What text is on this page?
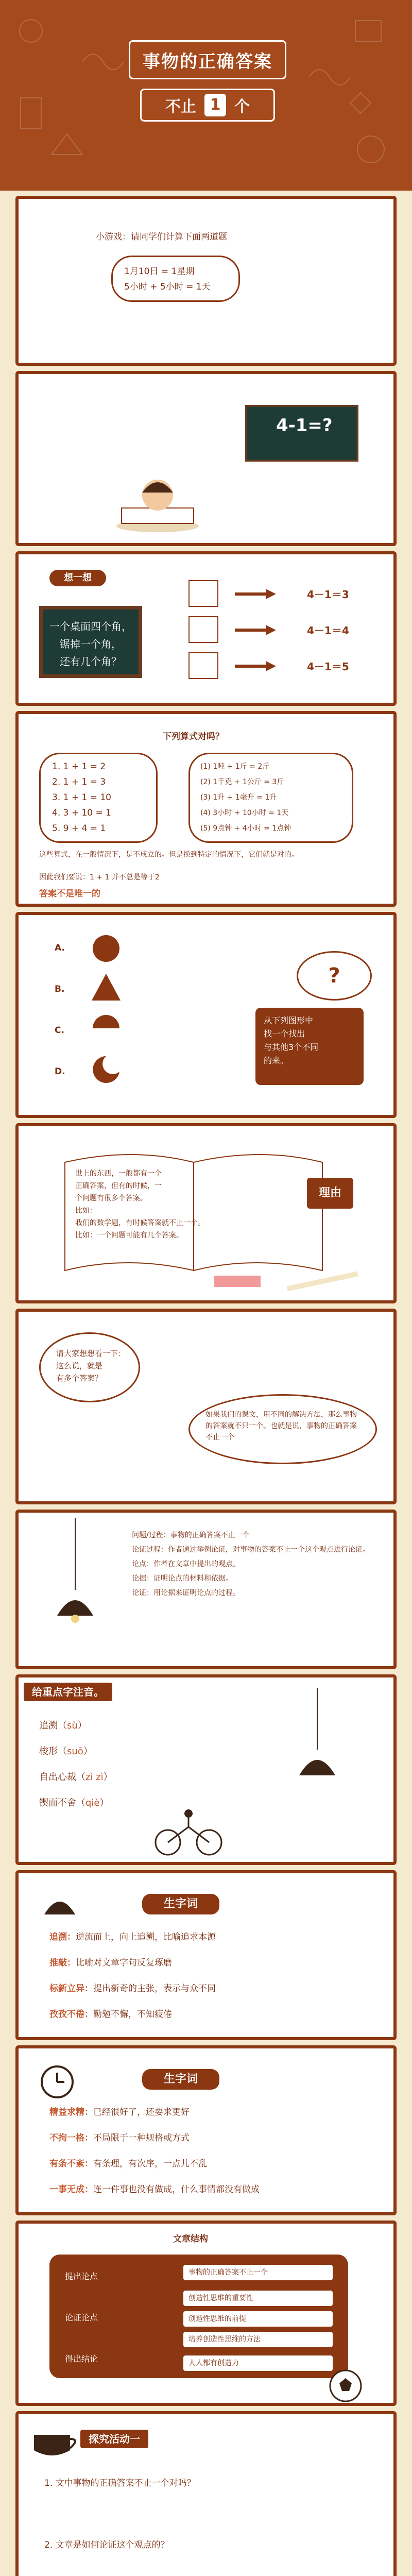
事物的正确答案
不止 1 个
小游戏：请同学们计算下面两道题
1月10日 = 1星期
5小时 + 5小时 = 1天
4-1=?
想一想
一个桌面四个角，
锯掉一个角，
还有几个角？
4－1＝3
4－1＝4
4－1＝5
下列算式对吗？
1. 1 + 1 = 2
2. 1 + 1 = 3
3. 1 + 1 = 10
4. 3 + 10 = 1
5. 9 + 4 = 1
(1) 1吨 + 1斤 = 2斤
(2) 1千克 + 1公斤 = 3斤
(3) 1升 + 1毫升 = 1升
(4) 3小时 + 10小时 = 1天
(5) 9点钟 + 4小时 = 1点钟
这些算式，在一般情况下，是不成立的。但是换到特定的情况下，它们就是对的。
因此我们要说：1 + 1 并不总是等于2
答案不是唯一的
A.
B.
C.
D.
?
从下列图形中
找一个找出
与其他3个不同
的来。
世上的东西，一般都有一个
正确答案，但有的时候，一
个问题有很多个答案。
比如：
我们的数学题，有时候答案就不止一个。
比如：一个问题可能有几个答案。
理由
请大家想想看一下：
这么说，就是
有多个答案？
如果我们的课文，用不同的解决方法，那么事物的答案就不只一个。也就是说，事物的正确答案不止一个
问题/过程：事物的正确答案不止一个
论证过程：作者通过举例论证，对事物的答案不止一个这个观点进行论证。
论点：作者在文章中提出的观点。
论据：证明论点的材料和依据。
论证：用论据来证明论点的过程。
给重点字注音。
追溯（sù）
梭形（suō）
自出心裁（zì zì）
锲而不舍（qiè）
生字词
追溯：逆流而上，向上追溯，比喻追求本源
推敲：比喻对文章字句反复琢磨
标新立异：提出新奇的主张，表示与众不同
孜孜不倦：勤勉不懈，不知疲倦
生字词
精益求精：已经很好了，还要求更好
不拘一格：不局限于一种规格或方式
有条不紊：有条理，有次序，一点儿不乱
一事无成：连一件事也没有做成，什么事情都没有做成
文章结构
提出论点
论证论点
得出结论
事物的正确答案不止一个
创造性思维的重要性
创造性思维的前提
培养创造性思维的方法
人人都有创造力
探究活动一
1. 文中事物的正确答案不止一个对吗？
2. 文章是如何论证这个观点的？
